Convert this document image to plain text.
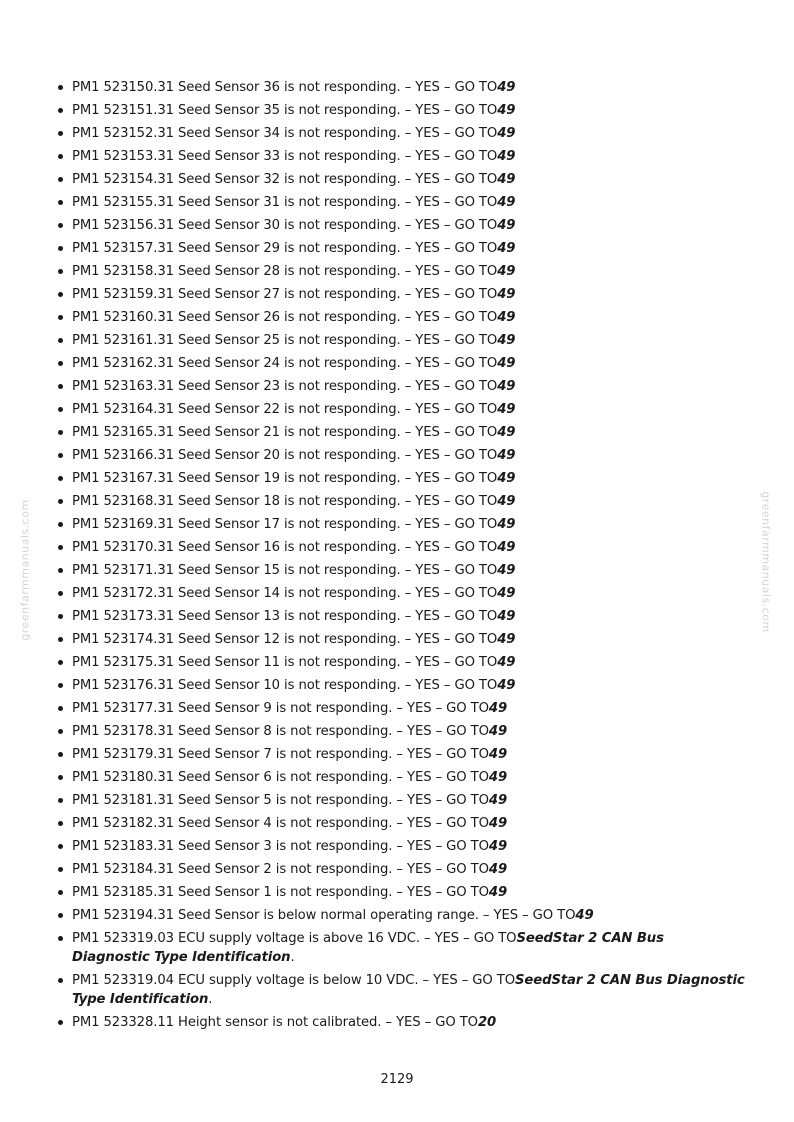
greenfarmmanuals.com	greenfarmmanuals.com
PM1 523150.31 Seed Sensor 36 is not responding. – YES – GO TO49
PM1 523151.31 Seed Sensor 35 is not responding. – YES – GO TO49
PM1 523152.31 Seed Sensor 34 is not responding. – YES – GO TO49
PM1 523153.31 Seed Sensor 33 is not responding. – YES – GO TO49
PM1 523154.31 Seed Sensor 32 is not responding. – YES – GO TO49
PM1 523155.31 Seed Sensor 31 is not responding. – YES – GO TO49
PM1 523156.31 Seed Sensor 30 is not responding. – YES – GO TO49
PM1 523157.31 Seed Sensor 29 is not responding. – YES – GO TO49
PM1 523158.31 Seed Sensor 28 is not responding. – YES – GO TO49
PM1 523159.31 Seed Sensor 27 is not responding. – YES – GO TO49
PM1 523160.31 Seed Sensor 26 is not responding. – YES – GO TO49
PM1 523161.31 Seed Sensor 25 is not responding. – YES – GO TO49
PM1 523162.31 Seed Sensor 24 is not responding. – YES – GO TO49
PM1 523163.31 Seed Sensor 23 is not responding. – YES – GO TO49
PM1 523164.31 Seed Sensor 22 is not responding. – YES – GO TO49
PM1 523165.31 Seed Sensor 21 is not responding. – YES – GO TO49
PM1 523166.31 Seed Sensor 20 is not responding. – YES – GO TO49
PM1 523167.31 Seed Sensor 19 is not responding. – YES – GO TO49
PM1 523168.31 Seed Sensor 18 is not responding. – YES – GO TO49
PM1 523169.31 Seed Sensor 17 is not responding. – YES – GO TO49
PM1 523170.31 Seed Sensor 16 is not responding. – YES – GO TO49
PM1 523171.31 Seed Sensor 15 is not responding. – YES – GO TO49
PM1 523172.31 Seed Sensor 14 is not responding. – YES – GO TO49
PM1 523173.31 Seed Sensor 13 is not responding. – YES – GO TO49
PM1 523174.31 Seed Sensor 12 is not responding. – YES – GO TO49
PM1 523175.31 Seed Sensor 11 is not responding. – YES – GO TO49
PM1 523176.31 Seed Sensor 10 is not responding. – YES – GO TO49
PM1 523177.31 Seed Sensor 9 is not responding. – YES – GO TO49
PM1 523178.31 Seed Sensor 8 is not responding. – YES – GO TO49
PM1 523179.31 Seed Sensor 7 is not responding. – YES – GO TO49
PM1 523180.31 Seed Sensor 6 is not responding. – YES – GO TO49
PM1 523181.31 Seed Sensor 5 is not responding. – YES – GO TO49
PM1 523182.31 Seed Sensor 4 is not responding. – YES – GO TO49
PM1 523183.31 Seed Sensor 3 is not responding. – YES – GO TO49
PM1 523184.31 Seed Sensor 2 is not responding. – YES – GO TO49
PM1 523185.31 Seed Sensor 1 is not responding. – YES – GO TO49
PM1 523194.31 Seed Sensor is below normal operating range. – YES – GO TO49
PM1 523319.03 ECU supply voltage is above 16 VDC. – YES – GO TOSeedStar 2 CAN Bus Diagnostic Type Identification.
PM1 523319.04 ECU supply voltage is below 10 VDC. – YES – GO TOSeedStar 2 CAN Bus Diagnostic Type Identification.
PM1 523328.11 Height sensor is not calibrated. – YES – GO TO20
2129
